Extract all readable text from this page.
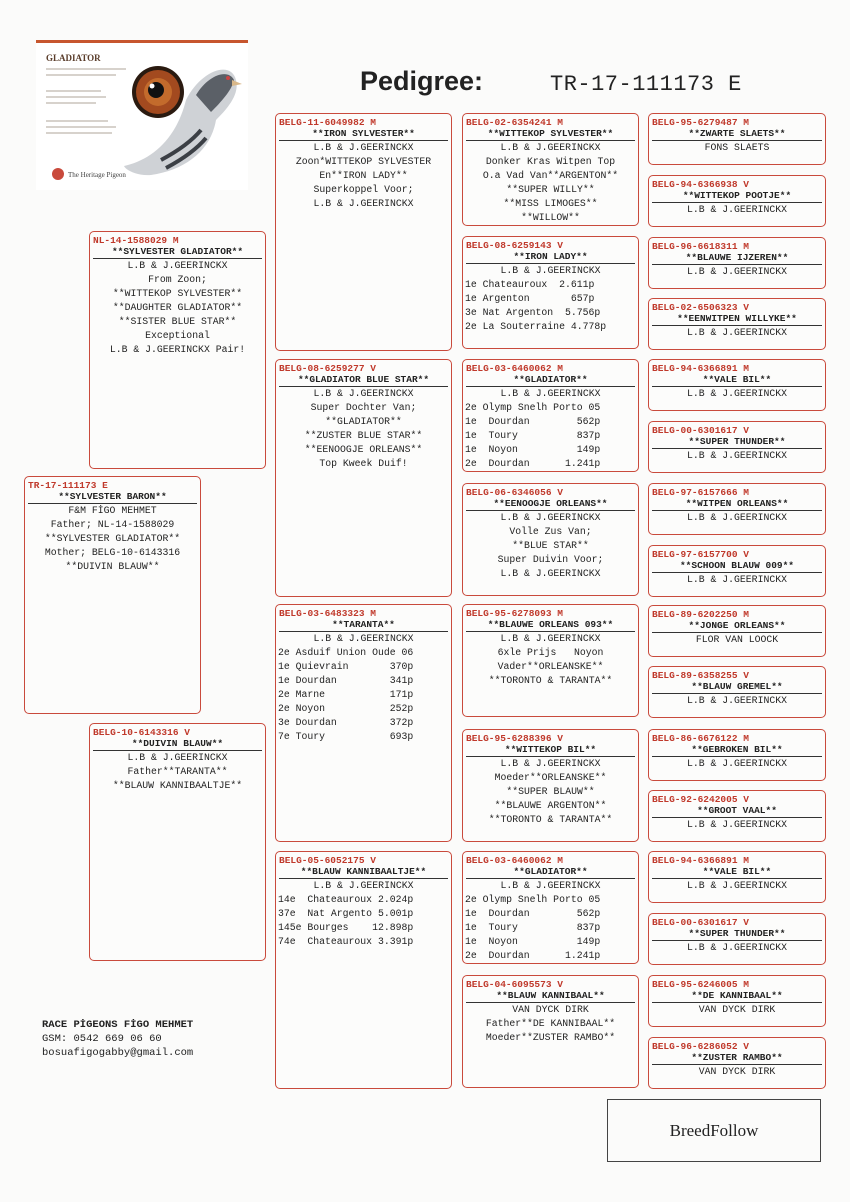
GLADIATOR
The Heritage Pigeon
Pedigree:	TR-17-111173 E
TR-17-111173 E
**SYLVESTER BARON**
F&M FİGO MEHMET
Father; NL-14-1588029
**SYLVESTER GLADIATOR**
Mother; BELG-10-6143316
**DUIVIN BLAUW**
NL-14-1588029 M
**SYLVESTER GLADIATOR**
L.B & J.GEERINCKX
From Zoon;
**WITTEKOP SYLVESTER**
**DAUGHTER GLADIATOR**
**SISTER BLUE STAR**
Exceptional
L.B & J.GEERINCKX Pair!
BELG-10-6143316 V
**DUIVIN BLAUW**
L.B & J.GEERINCKX
Father**TARANTA**
**BLAUW KANNIBAALTJE**
BELG-11-6049982 M
**IRON SYLVESTER**
L.B & J.GEERINCKX
Zoon*WITTEKOP SYLVESTER
En**IRON LADY**
Superkoppel Voor;
L.B & J.GEERINCKX
BELG-08-6259277 V
**GLADIATOR BLUE STAR**
L.B & J.GEERINCKX
Super Dochter Van;
**GLADIATOR**
**ZUSTER BLUE STAR**
**EENOOGJE ORLEANS**
Top Kweek Duif!
BELG-03-6483323 M
**TARANTA**
L.B & J.GEERINCKX
2e Asduif Union Oude 06
1e Quievrain       370p
1e Dourdan         341p
2e Marne           171p
2e Noyon           252p
3e Dourdan         372p
7e Toury           693p
BELG-05-6052175 V
**BLAUW KANNIBAALTJE**
L.B & J.GEERINCKX
14e  Chateauroux 2.024p
37e  Nat Argento 5.001p
145e Bourges    12.898p
74e  Chateauroux 3.391p
BELG-02-6354241 M
**WITTEKOP SYLVESTER**
L.B & J.GEERINCKX
Donker Kras Witpen Top
O.a Vad Van**ARGENTON**
**SUPER WILLY**
**MISS LIMOGES**
**WILLOW**
BELG-08-6259143 V
**IRON LADY**
L.B & J.GEERINCKX
1e Chateauroux  2.611p
1e Argenton       657p
3e Nat Argenton  5.756p
2e La Souterraine 4.778p
BELG-03-6460062 M
**GLADIATOR**
L.B & J.GEERINCKX
2e Olymp Snelh Porto 05
1e  Dourdan        562p
1e  Toury          837p
1e  Noyon          149p
2e  Dourdan      1.241p
BELG-06-6346056 V
**EENOOGJE ORLEANS**
L.B & J.GEERINCKX
Volle Zus Van;
**BLUE STAR**
Super Duivin Voor;
L.B & J.GEERINCKX
BELG-95-6278093 M
**BLAUWE ORLEANS 093**
L.B & J.GEERINCKX
6xle Prijs   Noyon
Vader**ORLEANSKE**
**TORONTO & TARANTA**
BELG-95-6288396 V
**WITTEKOP BIL**
L.B & J.GEERINCKX
Moeder**ORLEANSKE**
**SUPER BLAUW**
**BLAUWE ARGENTON**
**TORONTO & TARANTA**
BELG-03-6460062 M
**GLADIATOR**
L.B & J.GEERINCKX
2e Olymp Snelh Porto 05
1e  Dourdan        562p
1e  Toury          837p
1e  Noyon          149p
2e  Dourdan      1.241p
BELG-04-6095573 V
**BLAUW KANNIBAAL**
VAN DYCK DIRK
Father**DE KANNIBAAL**
Moeder**ZUSTER RAMBO**
BELG-95-6279487 M
**ZWARTE SLAETS**
FONS SLAETS
BELG-94-6366938 V
**WITTEKOP POOTJE**
L.B & J.GEERINCKX
BELG-96-6618311 M
**BLAUWE IJZEREN**
L.B & J.GEERINCKX
BELG-02-6506323 V
**EENWITPEN WILLYKE**
L.B & J.GEERINCKX
BELG-94-6366891 M
**VALE BIL**
L.B & J.GEERINCKX
BELG-00-6301617 V
**SUPER THUNDER**
L.B & J.GEERINCKX
BELG-97-6157666 M
**WITPEN ORLEANS**
L.B & J.GEERINCKX
BELG-97-6157700 V
**SCHOON BLAUW 009**
L.B & J.GEERINCKX
BELG-89-6202250 M
**JONGE ORLEANS**
FLOR VAN LOOCK
BELG-89-6358255 V
**BLAUW GREMEL**
L.B & J.GEERINCKX
BELG-86-6676122 M
**GEBROKEN BIL**
L.B & J.GEERINCKX
BELG-92-6242005 V
**GROOT VAAL**
L.B & J.GEERINCKX
BELG-94-6366891 M
**VALE BIL**
L.B & J.GEERINCKX
BELG-00-6301617 V
**SUPER THUNDER**
L.B & J.GEERINCKX
BELG-95-6246005 M
**DE KANNIBAAL**
VAN DYCK DIRK
BELG-96-6286052 V
**ZUSTER RAMBO**
VAN DYCK DIRK
RACE PİGEONS FİGO MEHMET
GSM: 0542 669 06 60
bosuafigogabby@gmail.com
BreedFollow
